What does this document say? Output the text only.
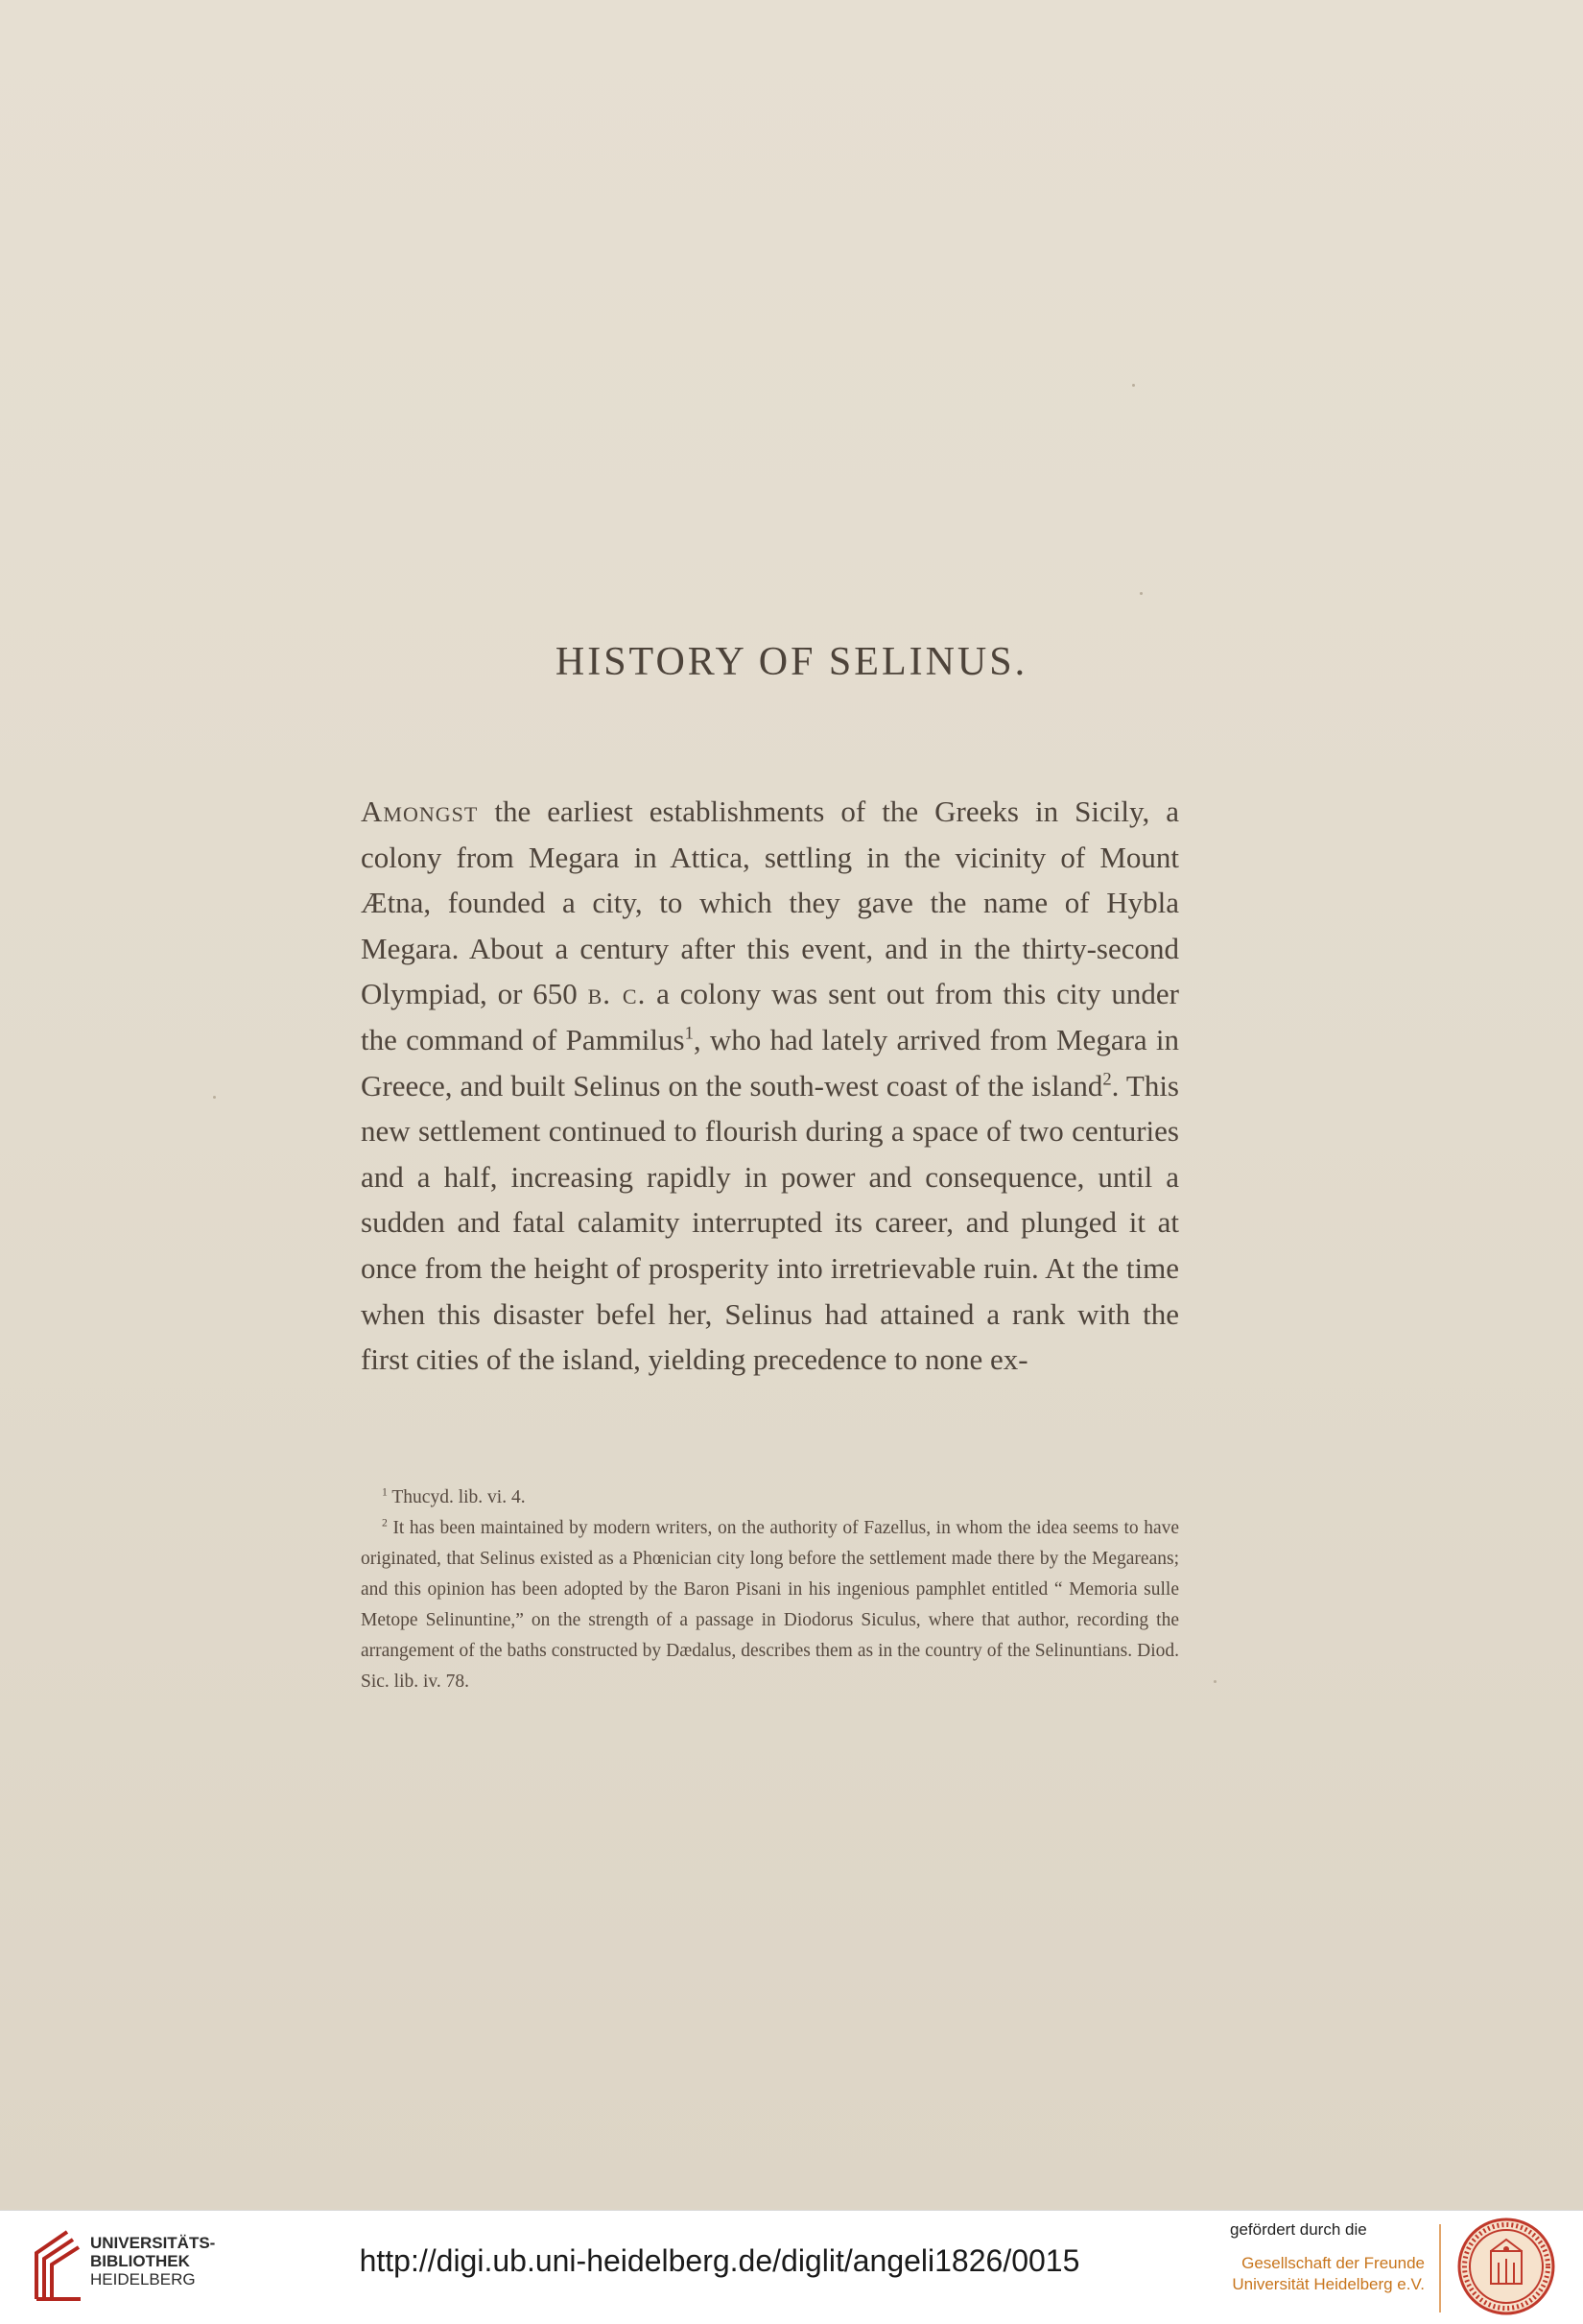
HISTORY OF SELINUS.

Amongst the earliest establishments of the Greeks in Sicily, a colony from Megara in Attica, settling in the vicinity of Mount Ætna, founded a city, to which they gave the name of Hybla Megara. About a century after this event, and in the thirty-second Olympiad, or 650 b. c. a colony was sent out from this city under the command of Pammilus$^1$, who had lately arrived from Megara in Greece, and built Selinus on the south-west coast of the island$^2$. This new settlement continued to flourish during a space of two centuries and a half, increasing rapidly in power and consequence, until a sudden and fatal calamity interrupted its career, and plunged it at once from the height of prosperity into irretrievable ruin. At the time when this disaster befel her, Selinus had attained a rank with the first cities of the island, yielding precedence to none ex-

$^1$ Thucyd. lib. vi. 4.

$^2$ It has been maintained by modern writers, on the authority of Fazellus, in whom the idea seems to have originated, that Selinus existed as a Phœnician city long before the settlement made there by the Megareans; and this opinion has been adopted by the Baron Pisani in his ingenious pamphlet entitled “ Memoria sulle Metope Selinuntine,” on the strength of a passage in Diodorus Siculus, where that author, recording the arrangement of the baths constructed by Dædalus, describes them as in the country of the Selinuntians. Diod. Sic. lib. iv. 78.

UNIVERSITÄTS-
BIBLIOTHEK
HEIDELBERG
http://digi.ub.uni-heidelberg.de/diglit/angeli1826/0015
gefördert durch die
Gesellschaft der Freunde
Universität Heidelberg e.V.
